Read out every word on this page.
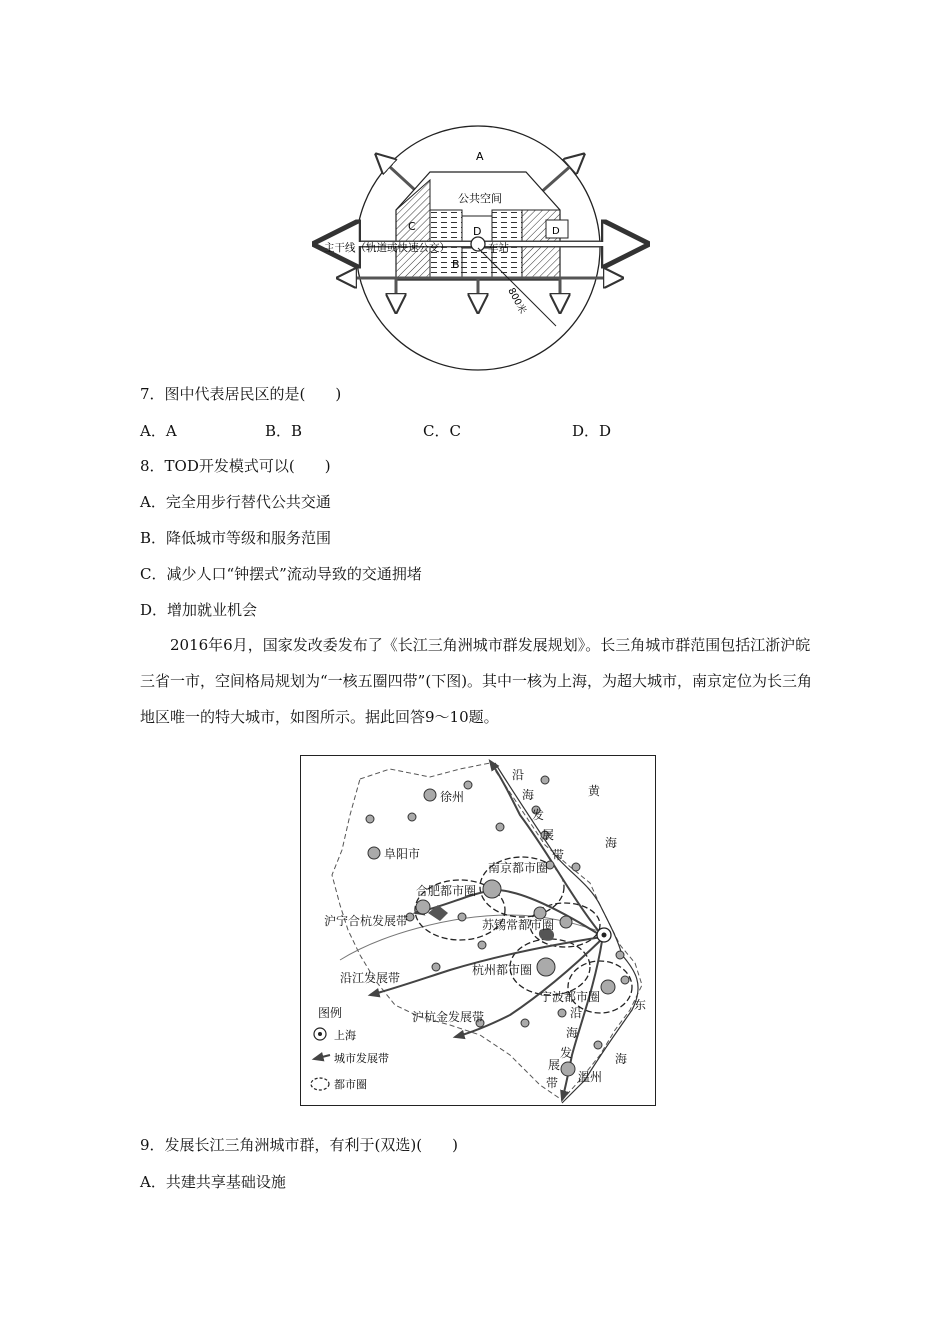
A
公共空间
C	D	D
B
主干线（轨道或快速公交）	车站
800米
7．图中代表居民区的是(　　)
A．A	B．B	C．C	D．D
8．TOD开发模式可以(　　)
A．完全用步行替代公共交通
B．降低城市等级和服务范围
C．减少人口“钟摆式”流动导致的交通拥堵
D．增加就业机会
2016年6月，国家发改委发布了《长江三角洲城市群发展规划》。长三角城市群范围包括江浙沪皖三省一市，空间格局规划为“一核五圈四带”(下图)。其中一核为上海，为超大城市，南京定位为长三角地区唯一的特大城市，如图所示。据此回答9～10题。
沿
海
发
展
带
黄
海
徐州
阜阳市
南京都市圈
合肥都市圈
沪宁合杭发展带	苏锡常都市圈
沿江发展带
杭州都市圈
宁波都市圈
东
海
图例	沪杭金发展带	沿
海
发
展
带 温州
上海
城市发展带
都市圈
9．发展长江三角洲城市群，有利于(双选)(　　)
A．共建共享基础设施
